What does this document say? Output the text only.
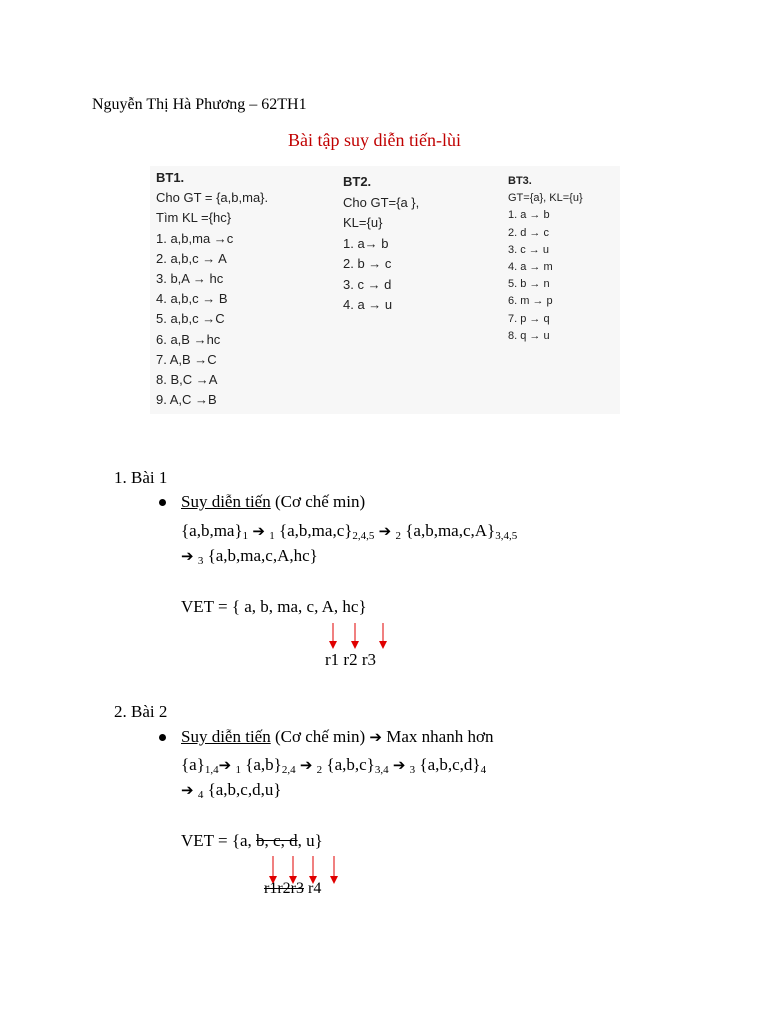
Nguyễn Thị Hà Phương – 62TH1
Bài tập suy diễn tiến-lùi
BT1.
Cho GT = {a,b,ma}.
Tìm KL ={hc}
1. a,b,ma →c
2. a,b,c → A
3. b,A → hc
4. a,b,c → B
5. a,b,c →C
6. a,B →hc
7. A,B →C
8. B,C →A
9. A,C →B
BT2.
Cho GT={a },
KL={u}
1. a→ b
2. b → c
3. c → d
4. a → u
BT3.
GT={a}, KL={u}
1. a → b
2. d → c
3. c → u
4. a → m
5. b → n
6. m → p
7. p → q
8. q → u
1. Bài 1
Suy diễn tiến (Cơ chế min)
$\{a,b,ma\}_1$ ➔ $_1$ $\{a,b,ma,c\}_{2,4,5}$ ➔ $_2$ $\{a,b,ma,c,A\}_{3,4,5}$
➔ $_3$ {a,b,ma,c,A,hc}
VET = { a, b, ma, c, A, hc}
r1 r2 r3
2. Bài 2
Suy diễn tiến (Cơ chế min) ➔ Max nhanh hơn
$\{a\}_{1,4}➔$ $_1$ $\{a,b\}_{2,4}$ ➔ $_2$ $\{a,b,c\}_{3,4}$ ➔ $_3$ $\{a,b,c,d\}_4$
➔ $_4$ {a,b,c,d,u}
VET = {a, b, c, d, u}
r1r2r3 r4
